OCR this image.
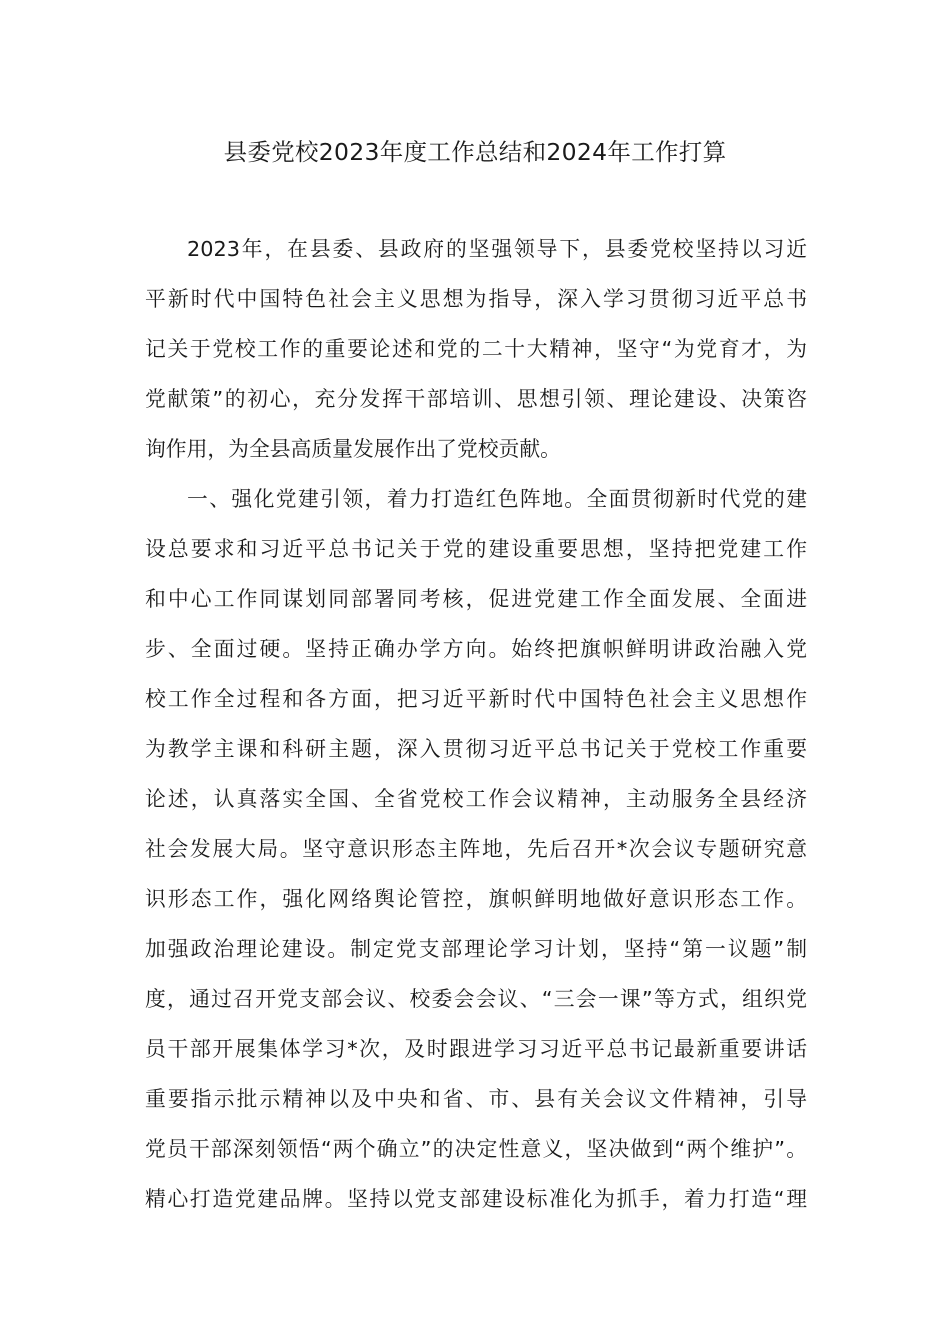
县委党校2023年度工作总结和2024年工作打算
2023年，在县委、县政府的坚强领导下，县委党校坚持以习近
平新时代中国特色社会主义思想为指导，深入学习贯彻习近平总书
记关于党校工作的重要论述和党的二十大精神，坚守“为党育才，为
党献策”的初心，充分发挥干部培训、思想引领、理论建设、决策咨
询作用，为全县高质量发展作出了党校贡献。
一、强化党建引领，着力打造红色阵地。全面贯彻新时代党的建
设总要求和习近平总书记关于党的建设重要思想，坚持把党建工作
和中心工作同谋划同部署同考核，促进党建工作全面发展、全面进
步、全面过硬。坚持正确办学方向。始终把旗帜鲜明讲政治融入党
校工作全过程和各方面，把习近平新时代中国特色社会主义思想作
为教学主课和科研主题，深入贯彻习近平总书记关于党校工作重要
论述，认真落实全国、全省党校工作会议精神，主动服务全县经济
社会发展大局。坚守意识形态主阵地，先后召开*次会议专题研究意
识形态工作，强化网络舆论管控，旗帜鲜明地做好意识形态工作。
加强政治理论建设。制定党支部理论学习计划，坚持“第一议题”制
度，通过召开党支部会议、校委会会议、“三会一课”等方式，组织党
员干部开展集体学习*次，及时跟进学习习近平总书记最新重要讲话
重要指示批示精神以及中央和省、市、县有关会议文件精神，引导
党员干部深刻领悟“两个确立”的决定性意义，坚决做到“两个维护”。
精心打造党建品牌。坚持以党支部建设标准化为抓手，着力打造“理
